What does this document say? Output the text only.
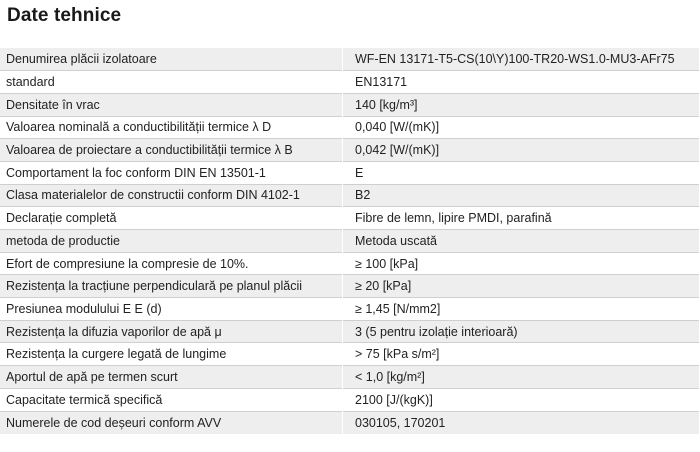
Date tehnice
Denumirea plăcii izolatoare	WF-EN 13171-T5-CS(10\Y)100-TR20-WS1.0-MU3-AFr75
standard	EN13171
Densitate în vrac	140 [kg/m³]
Valoarea nominală a conductibilității termice λ D	0,040 [W/(mK)]
Valoarea de proiectare a conductibilității termice λ B	0,042 [W/(mK)]
Comportament la foc conform DIN EN 13501-1	E
Clasa materialelor de constructii conform DIN 4102-1	B2
Declarație completă	Fibre de lemn, lipire PMDI, parafină
metoda de productie	Metoda uscată
Efort de compresiune la compresie de 10%.	≥ 100 [kPa]
Rezistența la tracțiune perpendiculară pe planul plăcii	≥ 20 [kPa]
Presiunea modulului E E (d)	≥ 1,45 [N/mm2]
Rezistența la difuzia vaporilor de apă μ	3 (5 pentru izolație interioară)
Rezistența la curgere legată de lungime	> 75 [kPa s/m²]
Aportul de apă pe termen scurt	< 1,0 [kg/m²]
Capacitate termică specifică	2100 [J/(kgK)]
Numerele de cod deșeuri conform AVV	030105, 170201
